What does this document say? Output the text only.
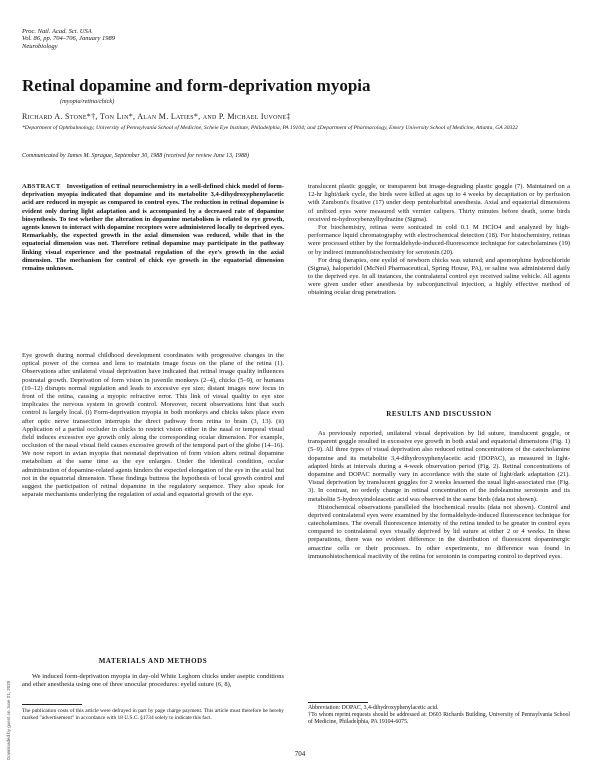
Proc. Natl. Acad. Sci. USA
Vol. 86, pp. 704–706, January 1989
Neurobiology
Retinal dopamine and form-deprivation myopia
(myopia/retina/chick)
Richard A. Stone*†, Ton Lin*, Alan M. Laties*, and P. Michael Iuvone‡
*Department of Ophthalmology, University of Pennsylvania School of Medicine, Scheie Eye Institute, Philadelphia, PA 19104; and ‡Department of Pharmacology, Emory University School of Medicine, Atlanta, GA 30322
Communicated by James M. Sprague, September 30, 1988 (received for review June 13, 1988)

ABSTRACT Investigation of retinal neurochemistry in a well-defined chick model of form-deprivation myopia indicated that dopamine and its metabolite 3,4-dihydroxyphenylacetic acid are reduced in myopic as compared to control eyes. The reduction in retinal dopamine is evident only during light adaptation and is accompanied by a decreased rate of dopamine biosynthesis. To test whether the alteration in dopamine metabolism is related to eye growth, agents known to interact with dopamine receptors were administered locally to deprived eyes. Remarkably, the expected growth in the axial dimension was reduced, while that in the equatorial dimension was not. Therefore retinal dopamine may participate in the pathway linking visual experience and the postnatal regulation of the eye's growth in the axial dimension. The mechanism for control of chick eye growth in the equatorial dimension remains unknown.

Eye growth during normal childhood development coordinates with progressive changes in the optical power of the cornea and lens to maintain image focus on the plane of the retina (1). Observations after unilateral visual deprivation have indicated that retinal image quality influences postnatal growth. Deprivation of form vision in juvenile monkeys (2–4), chicks (5–9), or humans (10–12) disrupts normal regulation and leads to excessive eye size; distant images now focus in front of the retina, causing a myopic refractive error. This link of visual quality to eye size implicates the nervous system in growth control. Moreover, recent observations hint that such control is largely local. (i) Form-deprivation myopia in both monkeys and chicks takes place even after optic nerve transection interrupts the direct pathway from retina to brain (3, 13). (ii) Application of a partial occluder in chicks to restrict vision either in the nasal or temporal visual field induces excessive eye growth only along the corresponding ocular dimension. For example, occlusion of the nasal visual field causes excessive growth of the temporal part of the globe (14–16). We now report in avian myopia that neonatal deprivation of form vision alters retinal dopamine metabolism at the same time as the eye enlarges. Under the identical condition, ocular administration of dopamine-related agents hinders the expected elongation of the eye in the axial but not in the equatorial dimension. These findings buttress the hypothesis of local growth control and suggest the participation of retinal dopamine in the regulatory sequence. They also speak for separate mechanisms underlying the regulation of axial and equatorial growth of the eye.

MATERIALS AND METHODS

We induced form-deprivation myopia in day-old White Leghorn chicks under aseptic conditions and ether anesthesia using one of three unocular procedures: eyelid suture (6, 8),

The publication costs of this article were defrayed in part by page charge payment. This article must therefore be hereby marked "advertisement" in accordance with 18 U.S.C. §1734 solely to indicate this fact.

translucent plastic goggle, or transparent but image-degrading plastic goggle (7). Maintained on a 12-hr light/dark cycle, the birds were killed at ages up to 4 weeks by decapitation or by perfusion with Zamboni's fixative (17) under deep pentobarbital anesthesia. Axial and equatorial dimensions of unfixed eyes were measured with vernier calipers. Thirty minutes before death, some birds received m-hydroxybenzylhydrazine (Sigma).

For biochemistry, retinas were sonicated in cold 0.1 M HClO4 and analyzed by high-performance liquid chromatography with electrochemical detection (18). For histochemistry, retinas were processed either by the formaldehyde-induced-fluorescence technique for catecholamines (19) or by indirect immunohistochemistry for serotonin (20).

For drug therapies, one eyelid of newborn chicks was sutured; and apomorphine hydrochloride (Sigma), haloperidol (McNeil Pharmaceutical, Spring House, PA), or saline was administered daily to the deprived eye. In all instances, the contralateral control eye received saline vehicle. All agents were given under ether anesthesia by subconjunctival injection, a highly effective method of obtaining ocular drug penetration.

RESULTS AND DISCUSSION

As previously reported, unilateral visual deprivation by lid suture, translucent goggle, or transparent goggle resulted in excessive eye growth in both axial and equatorial dimensions (Fig. 1) (5–9). All three types of visual deprivation also reduced retinal concentrations of the catecholamine dopamine and its metabolite 3,4-dihydroxyphenylacetic acid (DOPAC), as measured in light-adapted birds at intervals during a 4-week observation period (Fig. 2). Retinal concentrations of dopamine and DOPAC normally vary in accordance with the state of light/dark adaptation (21). Visual deprivation by translucent goggles for 2 weeks lessened the usual light-associated rise (Fig. 3). In contrast, no orderly change in retinal concentration of the indoleamine serotonin and its metabolite 5-hydroxyindoleacetic acid was observed in the same birds (data not shown).

Histochemical observations paralleled the biochemical results (data not shown). Control and deprived contralateral eyes were examined by the formaldehyde-induced fluorescence technique for catecholamines. The overall fluorescence intensity of the retina tended to be greater in control eyes compared to contralateral eyes visually deprived by lid suture at either 2 or 4 weeks. In these preparations, there was no evident difference in the distribution of fluorescent dopaminergic amacrine cells or their processes. In other experiments, no difference was found in immunohistochemical reactivity of the retina for serotonin in comparing control to deprived eyes.

Abbreviation: DOPAC, 3,4-dihydroxyphenylacetic acid.
†To whom reprint requests should be addressed at: D603 Richards Building, University of Pennsylvania School of Medicine, Philadelphia, PA 19104-6075.
704
Downloaded by guest on June 21, 2020
